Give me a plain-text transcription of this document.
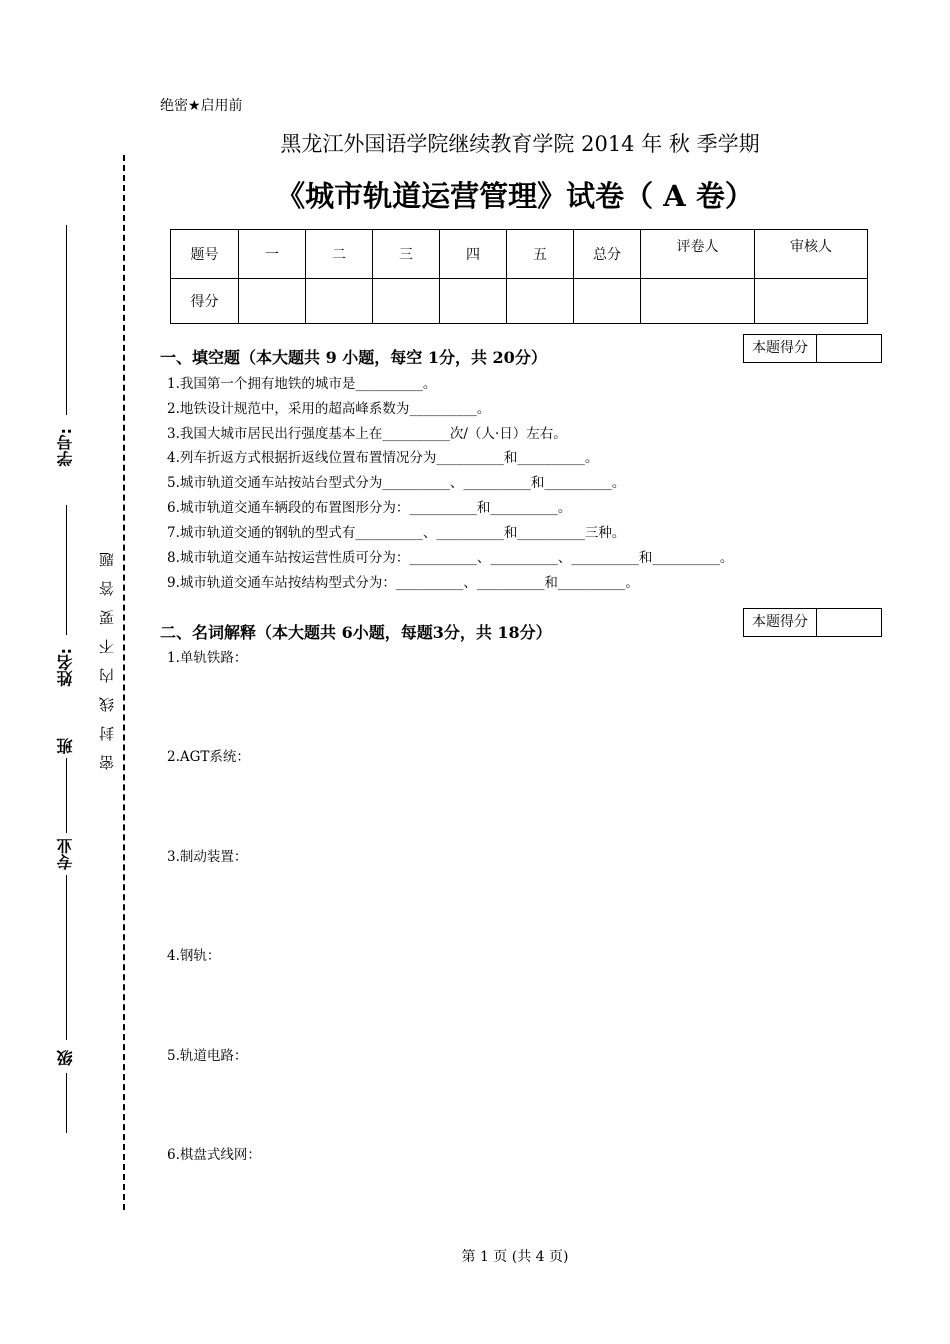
学号:
姓名:
班
专业
级
密封线内不要答题
绝密★启用前
黑龙江外国语学院继续教育学院 2014 年 秋 季学期
《城市轨道运营管理》试卷（ A 卷）
题号	一	二	三	四	五	总分	评卷人	审核人
得分								
本题得分
一、填空题（本大题共 9 小题，每空 1分，共 20分）
1.我国第一个拥有地铁的城市是__________。
2.地铁设计规范中，采用的超高峰系数为__________。
3.我国大城市居民出行强度基本上在__________次/（人·日）左右。
4.列车折返方式根据折返线位置布置情况分为__________和__________。
5.城市轨道交通车站按站台型式分为__________、__________和__________。
6.城市轨道交通车辆段的布置图形分为：__________和__________。
7.城市轨道交通的钢轨的型式有__________、__________和__________三种。
8.城市轨道交通车站按运营性质可分为：__________、__________、__________和__________。
9.城市轨道交通车站按结构型式分为：__________、__________和__________。
本题得分
二、名词解释（本大题共 6小题，每题3分，共 18分）
1.单轨铁路：
2.AGT系统：
3.制动装置：
4.钢轨：
5.轨道电路：
6.棋盘式线网：
第 1 页 (共 4 页)
